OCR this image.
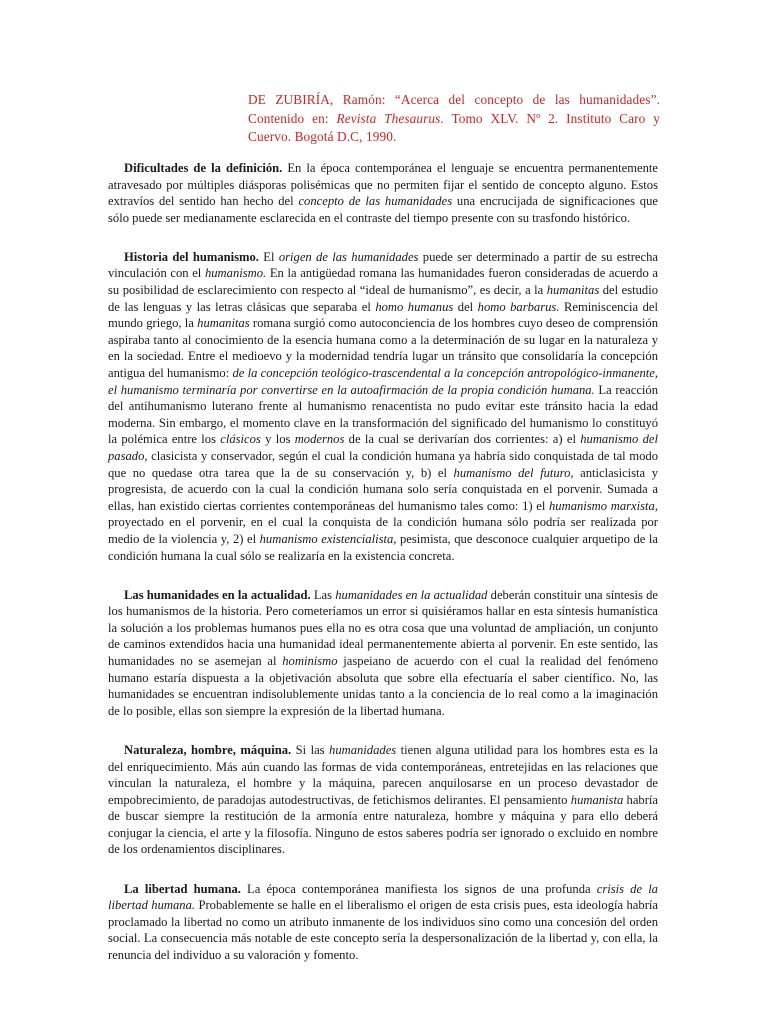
DE ZUBIRÍA, Ramón: “Acerca del concepto de las humanidades”. Contenido en: Revista Thesaurus. Tomo XLV. Nº 2. Instituto Caro y Cuervo. Bogotá D.C, 1990.

Dificultades de la definición. En la época contemporánea el lenguaje se encuentra permanentemente atravesado por múltiples diásporas polisémicas que no permiten fijar el sentido de concepto alguno. Estos extravíos del sentido han hecho del concepto de las humanidades una encrucijada de significaciones que sólo puede ser medianamente esclarecida en el contraste del tiempo presente con su trasfondo histórico.

Historia del humanismo. El origen de las humanidades puede ser determinado a partir de su estrecha vinculación con el humanismo. En la antigüedad romana las humanidades fueron consideradas de acuerdo a su posibilidad de esclarecimiento con respecto al “ideal de humanismo”, es decir, a la humanitas del estudio de las lenguas y las letras clásicas que separaba el homo humanus del homo barbarus. Reminiscencia del mundo griego, la humanitas romana surgió como autoconciencia de los hombres cuyo deseo de comprensión aspiraba tanto al conocimiento de la esencia humana como a la determinación de su lugar en la naturaleza y en la sociedad. Entre el medioevo y la modernidad tendría lugar un tránsito que consolidaría la concepción antigua del humanismo: de la concepción teológico-trascendental a la concepción antropológico-inmanente, el humanismo terminaría por convertirse en la autoafirmación de la propia condición humana. La reacción del antihumanismo luterano frente al humanismo renacentista no pudo evitar este tránsito hacia la edad moderna. Sin embargo, el momento clave en la transformación del significado del humanismo lo constituyó la polémica entre los clásicos y los modernos de la cual se derivarían dos corrientes: a) el humanismo del pasado, clasicista y conservador, según el cual la condición humana ya habría sido conquistada de tal modo que no quedase otra tarea que la de su conservación y, b) el humanismo del futuro, anticlasicista y progresista, de acuerdo con la cual la condición humana solo sería conquistada en el porvenir. Sumada a ellas, han existido ciertas corrientes contemporáneas del humanismo tales como: 1) el humanismo marxista, proyectado en el porvenir, en el cual la conquista de la condición humana sólo podría ser realizada por medio de la violencia y, 2) el humanismo existencialista, pesimista, que desconoce cualquier arquetipo de la condición humana la cual sólo se realizaría en la existencia concreta.

Las humanidades en la actualidad. Las humanidades en la actualidad deberán constituir una síntesis de los humanismos de la historia. Pero cometeríamos un error si quisiéramos hallar en esta síntesis humanística la solución a los problemas humanos pues ella no es otra cosa que una voluntad de ampliación, un conjunto de caminos extendidos hacia una humanidad ideal permanentemente abierta al porvenir. En este sentido, las humanidades no se asemejan al hominismo jaspeiano de acuerdo con el cual la realidad del fenómeno humano estaría dispuesta a la objetivación absoluta que sobre ella efectuaría el saber científico. No, las humanidades se encuentran indisolublemente unidas tanto a la conciencia de lo real como a la imaginación de lo posible, ellas son siempre la expresión de la libertad humana.

Naturaleza, hombre, máquina. Si las humanidades tienen alguna utilidad para los hombres esta es la del enriquecimiento. Más aún cuando las formas de vida contemporáneas, entretejidas en las relaciones que vinculan la naturaleza, el hombre y la máquina, parecen anquilosarse en un proceso devastador de empobrecimiento, de paradojas autodestructivas, de fetichismos delirantes. El pensamiento humanista habría de buscar siempre la restitución de la armonía entre naturaleza, hombre y máquina y para ello deberá conjugar la ciencia, el arte y la filosofía. Ninguno de estos saberes podría ser ignorado o excluido en nombre de los ordenamientos disciplinares.

La libertad humana. La época contemporánea manifiesta los signos de una profunda crisis de la libertad humana. Probablemente se halle en el liberalismo el origen de esta crisis pues, esta ideología habría proclamado la libertad no como un atributo inmanente de los individuos sino como una concesión del orden social. La consecuencia más notable de este concepto sería la despersonalización de la libertad y, con ella, la renuncia del individuo a su valoración y fomento.
